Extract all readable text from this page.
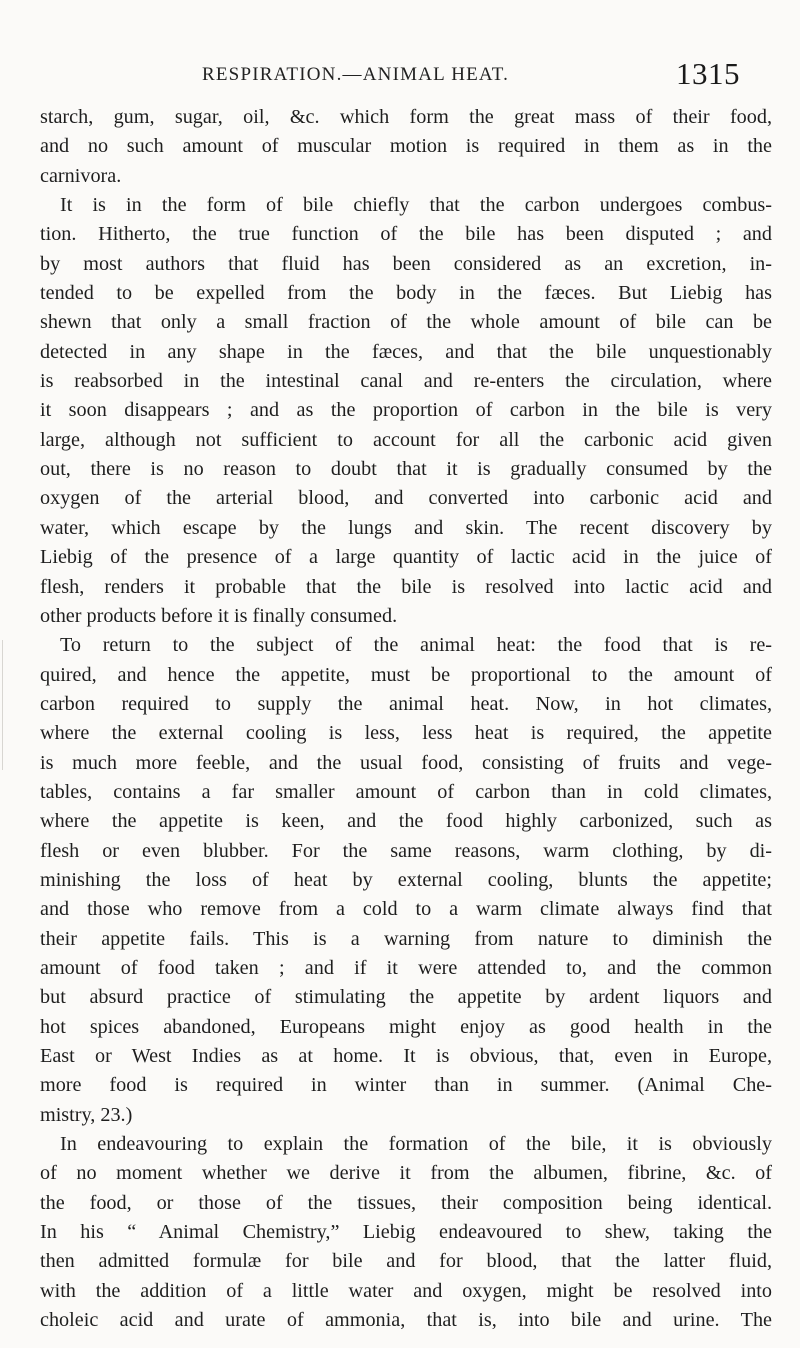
RESPIRATION.—ANIMAL HEAT.	1315
starch, gum, sugar, oil, &c. which form the great mass of their food,
and no such amount of muscular motion is required in them as in the
carnivora.
It is in the form of bile chiefly that the carbon undergoes combus-
tion. Hitherto, the true function of the bile has been disputed ; and
by most authors that fluid has been considered as an excretion, in-
tended to be expelled from the body in the fæces. But Liebig has
shewn that only a small fraction of the whole amount of bile can be
detected in any shape in the fæces, and that the bile unquestionably
is reabsorbed in the intestinal canal and re-enters the circulation, where
it soon disappears ; and as the proportion of carbon in the bile is very
large, although not sufficient to account for all the carbonic acid given
out, there is no reason to doubt that it is gradually consumed by the
oxygen of the arterial blood, and converted into carbonic acid and
water, which escape by the lungs and skin. The recent discovery by
Liebig of the presence of a large quantity of lactic acid in the juice of
flesh, renders it probable that the bile is resolved into lactic acid and
other products before it is finally consumed.
To return to the subject of the animal heat: the food that is re-
quired, and hence the appetite, must be proportional to the amount of
carbon required to supply the animal heat. Now, in hot climates,
where the external cooling is less, less heat is required, the appetite
is much more feeble, and the usual food, consisting of fruits and vege-
tables, contains a far smaller amount of carbon than in cold climates,
where the appetite is keen, and the food highly carbonized, such as
flesh or even blubber. For the same reasons, warm clothing, by di-
minishing the loss of heat by external cooling, blunts the appetite;
and those who remove from a cold to a warm climate always find that
their appetite fails. This is a warning from nature to diminish the
amount of food taken ; and if it were attended to, and the common
but absurd practice of stimulating the appetite by ardent liquors and
hot spices abandoned, Europeans might enjoy as good health in the
East or West Indies as at home. It is obvious, that, even in Europe,
more food is required in winter than in summer. (Animal Che-
mistry, 23.)
In endeavouring to explain the formation of the bile, it is obviously
of no moment whether we derive it from the albumen, fibrine, &c. of
the food, or those of the tissues, their composition being identical.
In his “ Animal Chemistry,” Liebig endeavoured to shew, taking the
then admitted formulæ for bile and for blood, that the latter fluid,
with the addition of a little water and oxygen, might be resolved into
choleic acid and urate of ammonia, that is, into bile and urine. The
